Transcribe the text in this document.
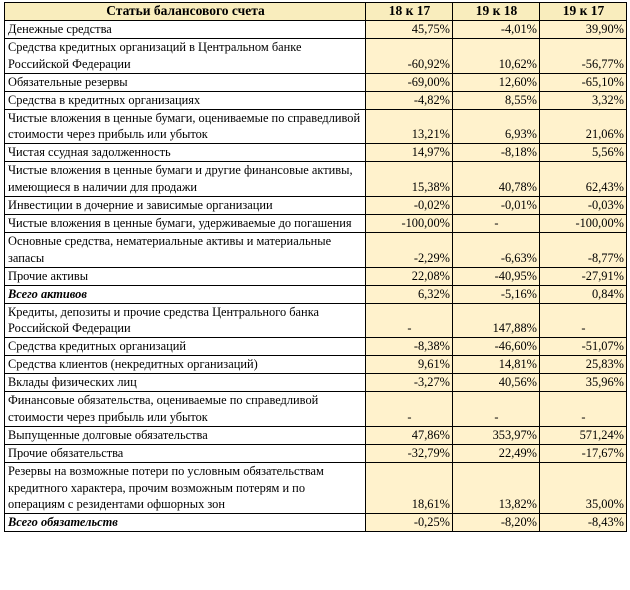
Статьи балансового счета	18 к 17	19 к 18	19 к 17
Денежные средства	45,75%	-4,01%	39,90%
Средства кредитных организаций в Центральном банке Российской Федерации	-60,92%	10,62%	-56,77%
Обязательные резервы	-69,00%	12,60%	-65,10%
Средства в кредитных организациях	-4,82%	8,55%	3,32%
Чистые вложения в ценные бумаги, оцениваемые по справедливой стоимости через прибыль или убыток	13,21%	6,93%	21,06%
Чистая ссудная задолженность	14,97%	-8,18%	5,56%
Чистые вложения в ценные бумаги и другие финансовые активы, имеющиеся в наличии для продажи	15,38%	40,78%	62,43%
Инвестиции в дочерние и зависимые организации	-0,02%	-0,01%	-0,03%
Чистые вложения в ценные бумаги, удерживаемые до погашения	-100,00%	-	-100,00%
Основные средства, нематериальные активы и материальные запасы	-2,29%	-6,63%	-8,77%
Прочие активы	22,08%	-40,95%	-27,91%
Всего активов	6,32%	-5,16%	0,84%
Кредиты, депозиты и прочие средства Центрального банка Российской Федерации	-	147,88%	-
Средства кредитных организаций	-8,38%	-46,60%	-51,07%
Средства клиентов (некредитных организаций)	9,61%	14,81%	25,83%
Вклады физических лиц	-3,27%	40,56%	35,96%
Финансовые обязательства, оцениваемые по справедливой стоимости через прибыль или убыток	-	-	-
Выпущенные долговые обязательства	47,86%	353,97%	571,24%
Прочие обязательства	-32,79%	22,49%	-17,67%
Резервы на возможные потери по условным обязательствам кредитного характера, прочим возможным потерям и по операциям с резидентами офшорных зон	18,61%	13,82%	35,00%
Всего обязательств	-0,25%	-8,20%	-8,43%
